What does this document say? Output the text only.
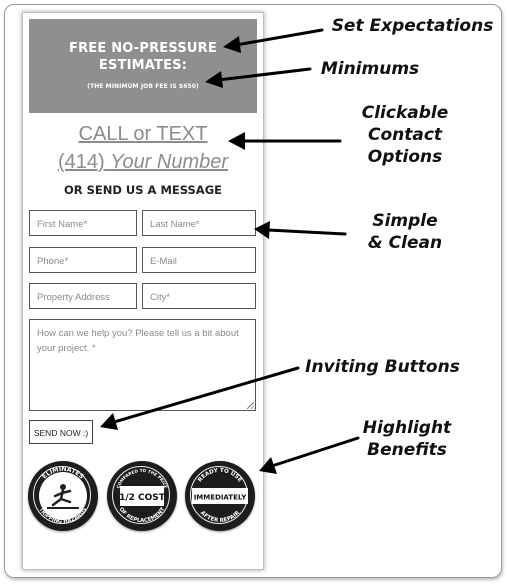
FREE NO-PRESSURE
ESTIMATES:
(THE MINIMUM JOB FEE IS $650)
CALL or TEXT
(414) Your Number
OR SEND US A MESSAGE
First Name*	Last Name*
Phone*	E-Mail
Property Address	City*
How can we help you? Please tell us a bit about your project. *
SEND NOW :)
ELIMINATES
TRIPPING HAZARDS
1/2 COST
COMPARED TO THE PRICE
OF REPLACEMENT
IMMEDIATELY
READY TO USE
AFTER REPAIR
Set Expectations
Minimums
Clickable
Contact
Options
Simple
& Clean
Inviting Buttons
Highlight
Benefits
